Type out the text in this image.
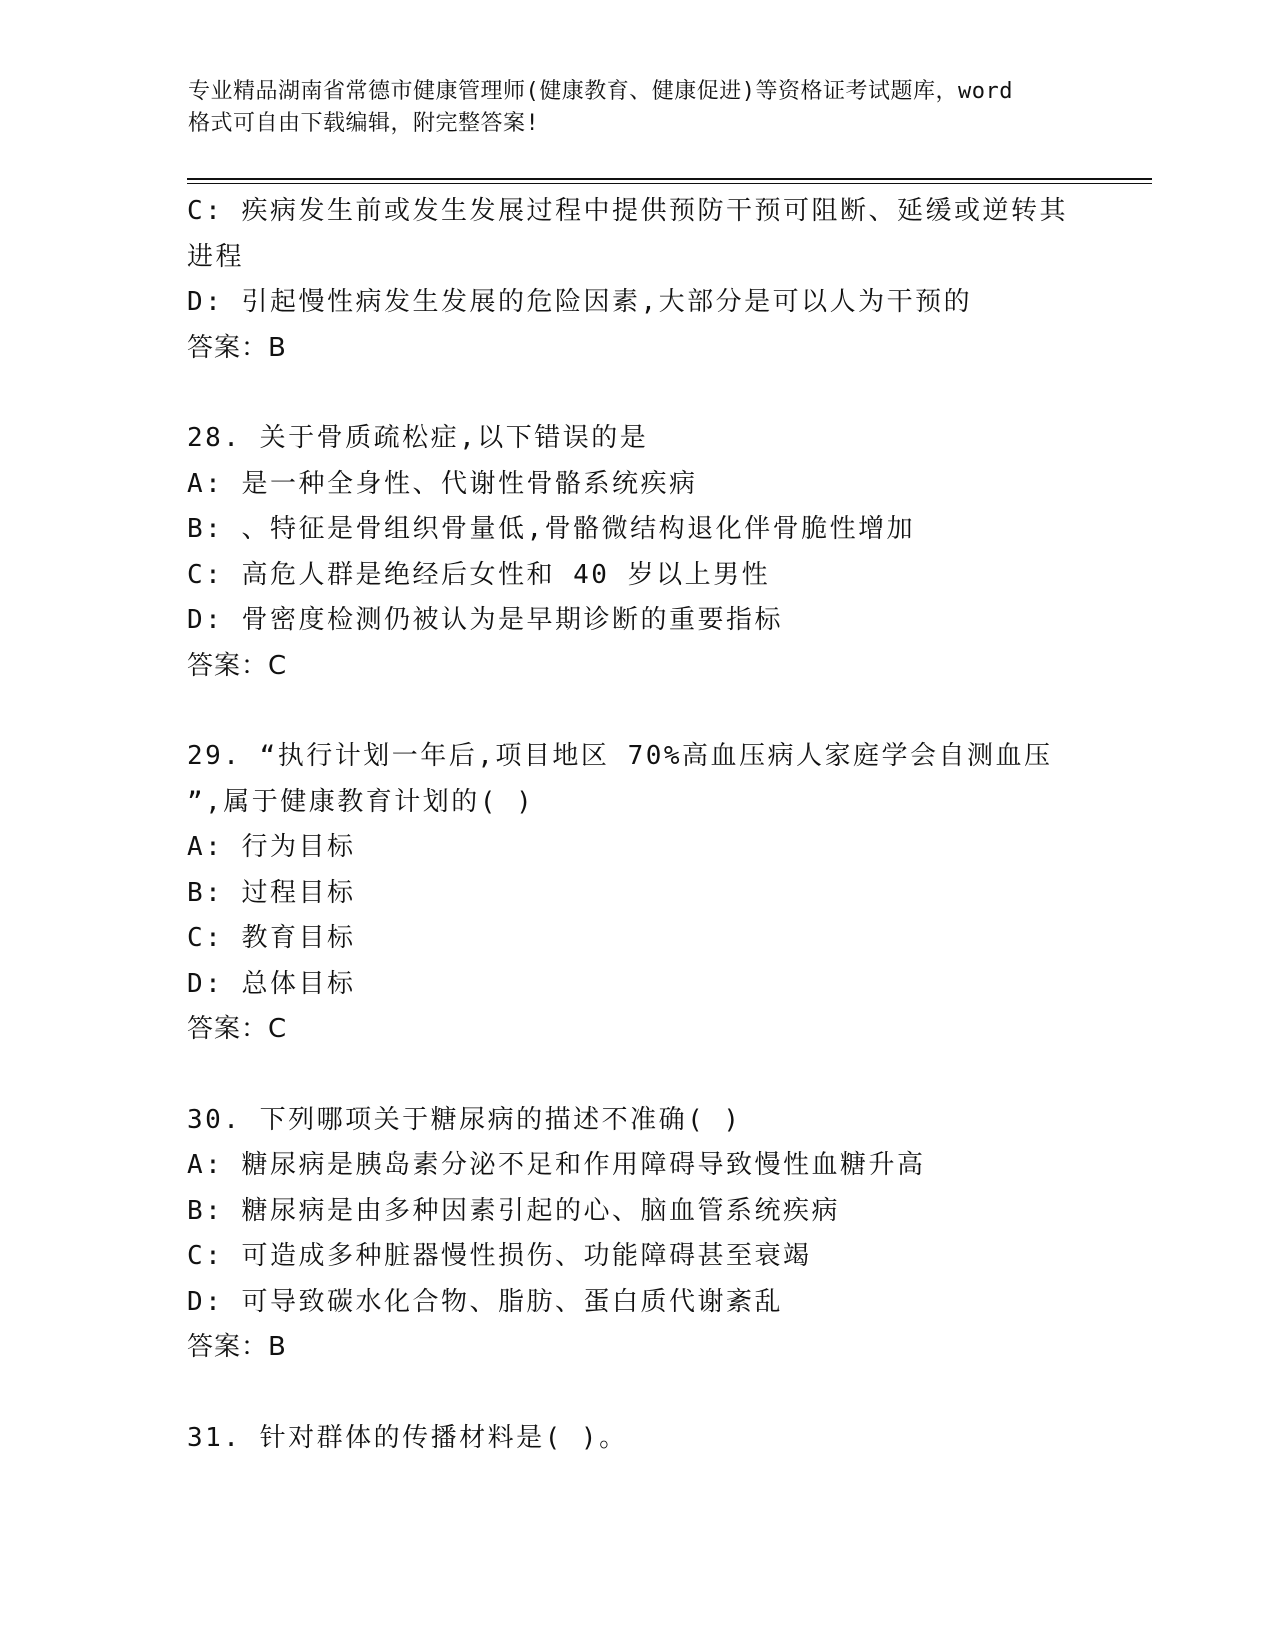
专业精品湖南省常德市健康管理师(健康教育、健康促进)等资格证考试题库，word
格式可自由下载编辑，附完整答案!
C: 疾病发生前或发生发展过程中提供预防干预可阻断、延缓或逆转其
进程
D: 引起慢性病发生发展的危险因素,大部分是可以人为干预的
答案：B
28. 关于骨质疏松症,以下错误的是
A: 是一种全身性、代谢性骨骼系统疾病
B: 、特征是骨组织骨量低,骨骼微结构退化伴骨脆性增加
C: 高危人群是绝经后女性和 40 岁以上男性
D: 骨密度检测仍被认为是早期诊断的重要指标
答案：C
29. “执行计划一年后,项目地区 70%高血压病人家庭学会自测血压
”,属于健康教育计划的( )
A: 行为目标
B: 过程目标
C: 教育目标
D: 总体目标
答案：C
30. 下列哪项关于糖尿病的描述不准确( )
A: 糖尿病是胰岛素分泌不足和作用障碍导致慢性血糖升高
B: 糖尿病是由多种因素引起的心、脑血管系统疾病
C: 可造成多种脏器慢性损伤、功能障碍甚至衰竭
D: 可导致碳水化合物、脂肪、蛋白质代谢紊乱
答案：B
31. 针对群体的传播材料是( )。
